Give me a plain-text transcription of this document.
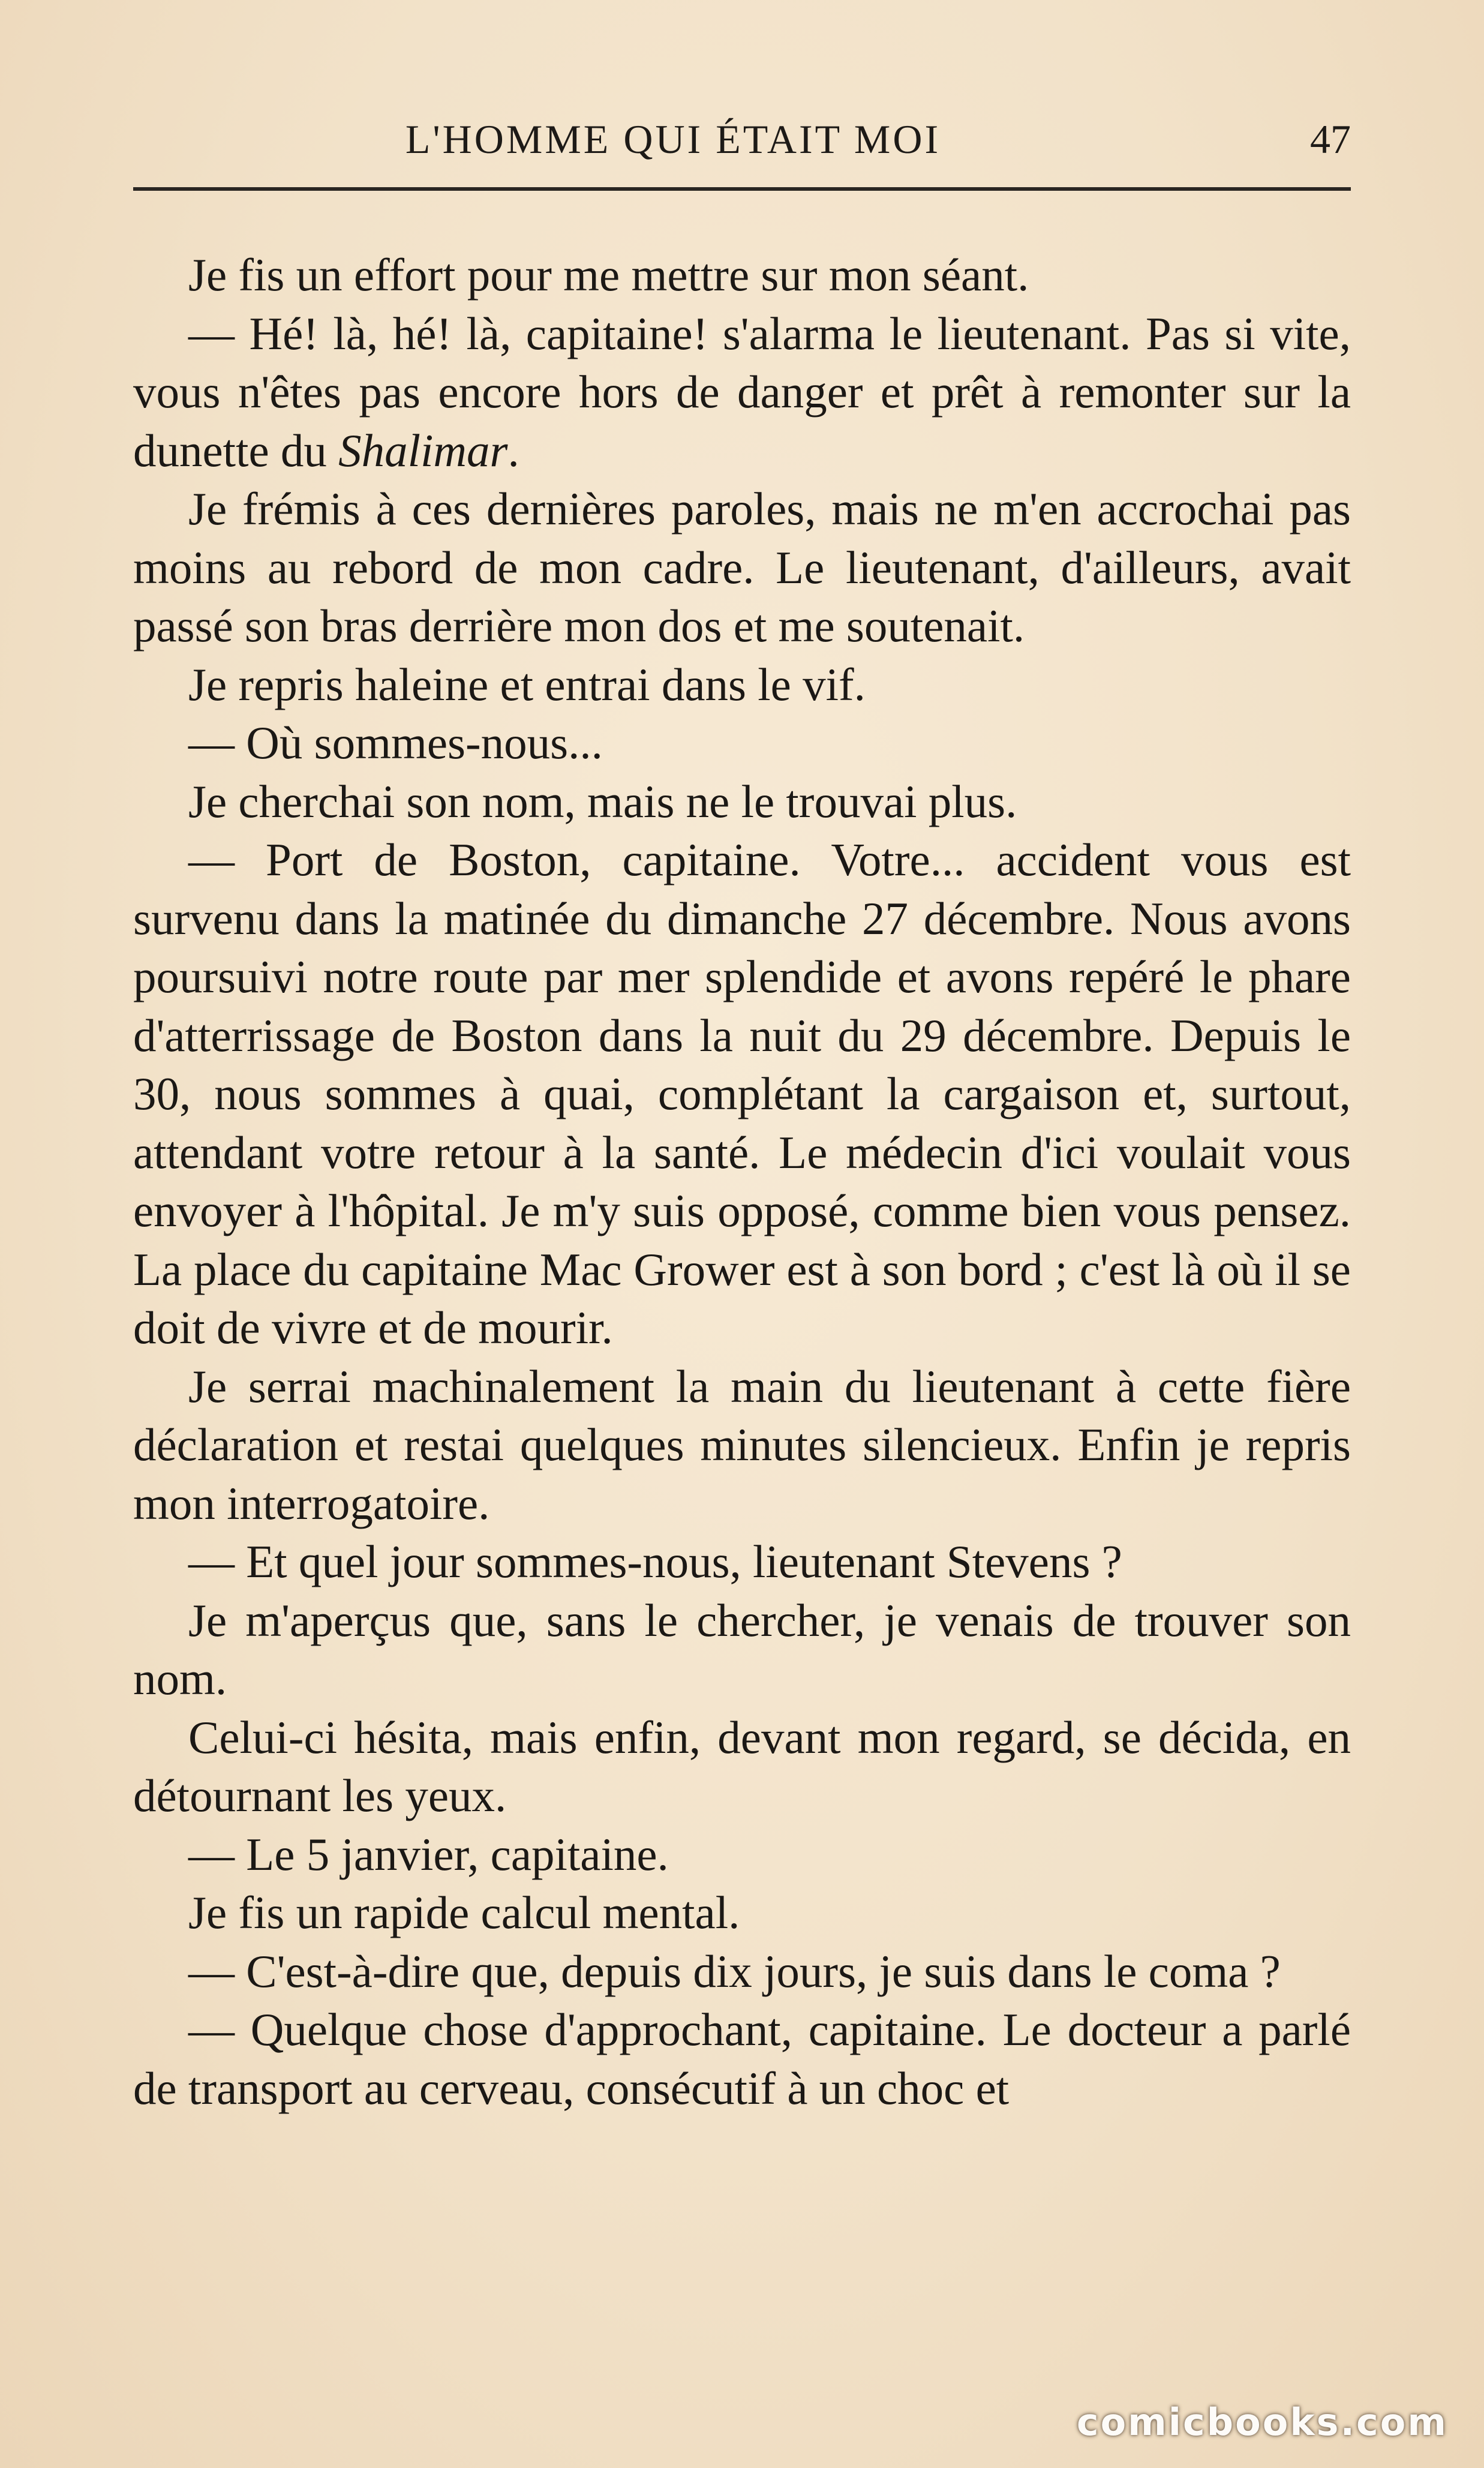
L'HOMME QUI ÉTAIT MOI	47

Je fis un effort pour me mettre sur mon séant.

— Hé! là, hé! là, capitaine! s'alarma le lieutenant. Pas si vite, vous n'êtes pas encore hors de danger et prêt à remonter sur la dunette du Shalimar.

Je frémis à ces dernières paroles, mais ne m'en accrochai pas moins au rebord de mon cadre. Le lieutenant, d'ailleurs, avait passé son bras derrière mon dos et me soutenait.

Je repris haleine et entrai dans le vif.

— Où sommes-nous...

Je cherchai son nom, mais ne le trouvai plus.

— Port de Boston, capitaine. Votre... accident vous est survenu dans la matinée du dimanche 27 décembre. Nous avons poursuivi notre route par mer splendide et avons repéré le phare d'atterrissage de Boston dans la nuit du 29 décembre. Depuis le 30, nous sommes à quai, complétant la cargaison et, surtout, attendant votre retour à la santé. Le médecin d'ici voulait vous envoyer à l'hôpital. Je m'y suis opposé, comme bien vous pensez. La place du capitaine Mac Grower est à son bord ; c'est là où il se doit de vivre et de mourir.

Je serrai machinalement la main du lieutenant à cette fière déclaration et restai quelques minutes silencieux. Enfin je repris mon interrogatoire.

— Et quel jour sommes-nous, lieutenant Stevens ?

Je m'aperçus que, sans le chercher, je venais de trouver son nom.

Celui-ci hésita, mais enfin, devant mon regard, se décida, en détournant les yeux.

— Le 5 janvier, capitaine.

Je fis un rapide calcul mental.

— C'est-à-dire que, depuis dix jours, je suis dans le coma ?

— Quelque chose d'approchant, capitaine. Le docteur a parlé de transport au cerveau, consécutif à un choc et

comicbooks.com
